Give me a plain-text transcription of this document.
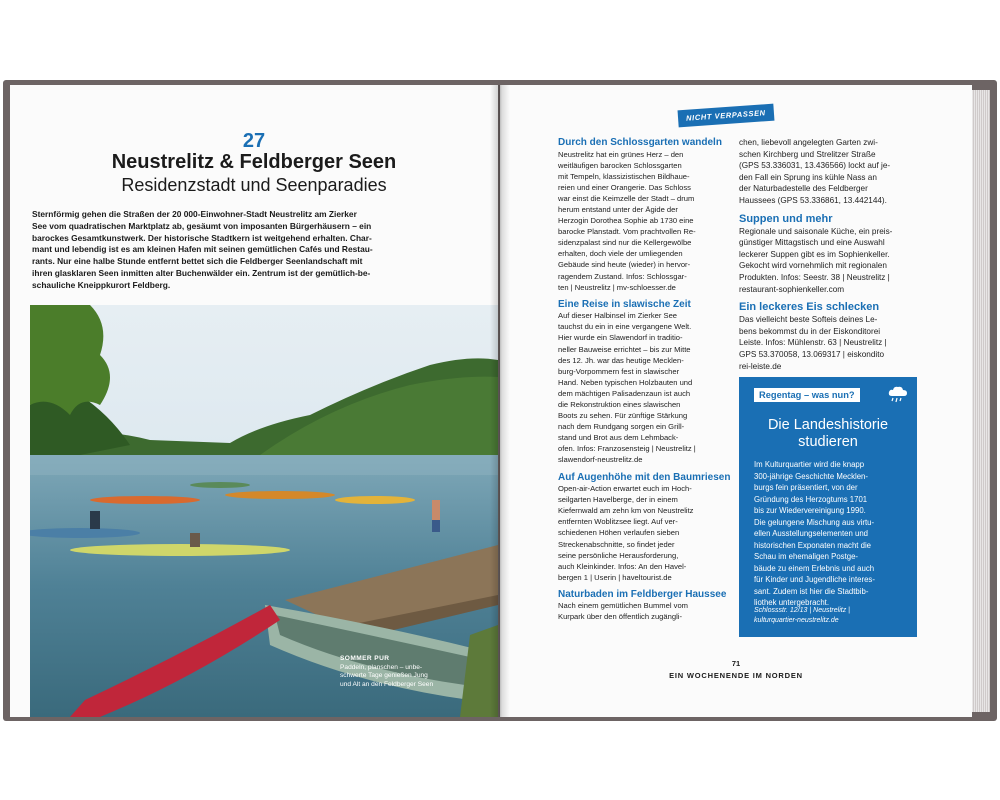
27
Neustrelitz & Feldberger Seen
Residenzstadt und Seenparadies
Sternförmig gehen die Straßen der 20 000-Einwohner-Stadt Neustrelitz am Zierker
See vom quadratischen Marktplatz ab, gesäumt von imposanten Bürgerhäusern – ein
barockes Gesamtkunstwerk. Der historische Stadtkern ist weitgehend erhalten. Char-
mant und lebendig ist es am kleinen Hafen mit seinen gemütlichen Cafés und Restau-
rants. Nur eine halbe Stunde entfernt bettet sich die Feldberger Seenlandschaft mit
ihren glasklaren Seen inmitten alter Buchenwälder ein. Zentrum ist der gemütlich-be-
schauliche Kneippkurort Feldberg.
SOMMER PUR
Paddeln, planschen – unbe-
schwerte Tage genießen Jung
und Alt an den Feldberger Seen
NICHT VERPASSEN
Durch den Schlossgarten wandeln
Neustrelitz hat ein grünes Herz – den
weitläufigen barocken Schlossgarten
mit Tempeln, klassizistischen Bildhaue-
reien und einer Orangerie. Das Schloss
war einst die Keimzelle der Stadt – drum
herum entstand unter der Ägide der
Herzogin Dorothea Sophie ab 1730 eine
barocke Planstadt. Vom prachtvollen Re-
sidenzpalast sind nur die Kellergewölbe
erhalten, doch viele der umliegenden
Gebäude sind heute (wieder) in hervor-
ragendem Zustand. Infos: Schlossgar-
ten | Neustrelitz | mv-schloesser.de
Eine Reise in slawische Zeit
Auf dieser Halbinsel im Zierker See
tauchst du ein in eine vergangene Welt.
Hier wurde ein Slawendorf in traditio-
neller Bauweise errichtet – bis zur Mitte
des 12. Jh. war das heutige Mecklen-
burg-Vorpommern fest in slawischer
Hand. Neben typischen Holzbauten und
dem mächtigen Palisadenzaun ist auch
die Rekonstruktion eines slawischen
Boots zu sehen. Für zünftige Stärkung
nach dem Rundgang sorgen ein Grill-
stand und Brot aus dem Lehmback-
ofen. Infos: Franzosensteig | Neustrelitz |
slawendorf-neustrelitz.de
Auf Augenhöhe mit den Baumriesen
Open-air-Action erwartet euch im Hoch-
seilgarten Havelberge, der in einem
Kiefernwald am zehn km von Neustrelitz
entfernten Woblitzsee liegt. Auf ver-
schiedenen Höhen verlaufen sieben
Streckenabschnitte, so findet jeder
seine persönliche Herausforderung,
auch Kleinkinder. Infos: An den Havel-
bergen 1 | Userin | haveltourist.de
Naturbaden im Feldberger Haussee
Nach einem gemütlichen Bummel vom
Kurpark über den öffentlich zugängli-
chen, liebevoll angelegten Garten zwi-
schen Kirchberg und Strelitzer Straße
(GPS 53.336031, 13.436566) lockt auf je-
den Fall ein Sprung ins kühle Nass an
der Naturbadestelle des Feldberger
Haussees (GPS 53.336861, 13.442144).
Suppen und mehr
Regionale und saisonale Küche, ein preis-
günstiger Mittagstisch und eine Auswahl
leckerer Suppen gibt es im Sophienkeller.
Gekocht wird vornehmlich mit regionalen
Produkten. Infos: Seestr. 38 | Neustrelitz |
restaurant-sophienkeller.com
Ein leckeres Eis schlecken
Das vielleicht beste Softeis deines Le-
bens bekommst du in der Eiskonditorei
Leiste. Infos: Mühlenstr. 63 | Neustrelitz |
GPS 53.370058, 13.069317 | eiskondito
rei-leiste.de
Regentag – was nun?
Die Landeshistorie
studieren
Im Kulturquartier wird die knapp
300-jährige Geschichte Mecklen-
burgs fein präsentiert, von der
Gründung des Herzogtums 1701
bis zur Wiedervereinigung 1990.
Die gelungene Mischung aus virtu-
ellen Ausstellungselementen und
historischen Exponaten macht die
Schau im ehemaligen Postge-
bäude zu einem Erlebnis und auch
für Kinder und Jugendliche interes-
sant. Zudem ist hier die Stadtbib-
liothek untergebracht.
Schlossstr. 12/13 | Neustrelitz |
kulturquartier-neustrelitz.de
71
EIN WOCHENENDE IM NORDEN
